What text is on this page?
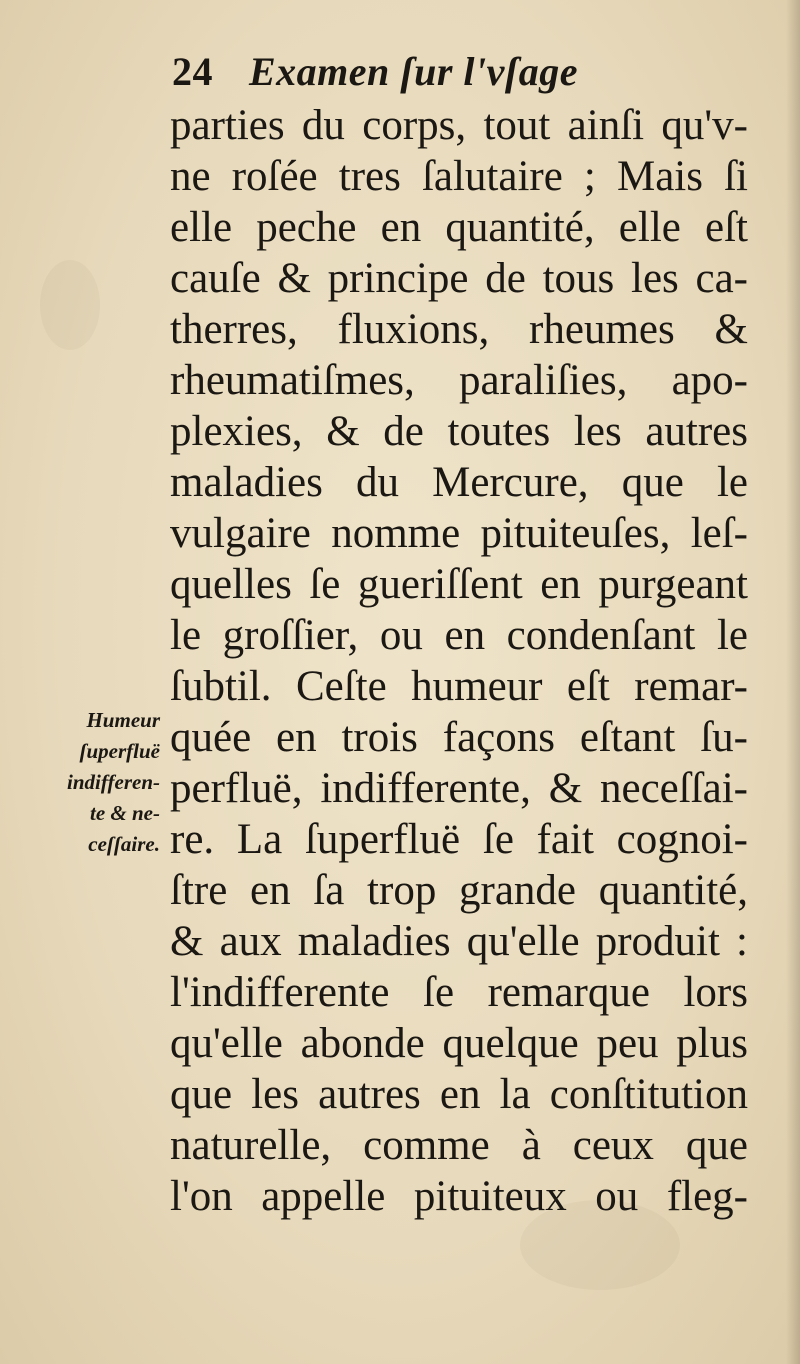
24 Examen ſur l'vſage
parties du corps, tout ainſi qu'v-
ne roſée tres ſalutaire ; Mais ſi
elle peche en quantité, elle eſt
cauſe & principe de tous les ca-
therres, fluxions, rheumes &
rheumatiſmes, paraliſies, apo-
plexies, & de toutes les autres
maladies du Mercure, que le
vulgaire nomme pituiteuſes, leſ-
quelles ſe gueriſſent en purgeant
le groſſier, ou en condenſant le
ſubtil. Ceſte humeur eſt remar-
quée en trois façons eſtant ſu-
perfluë, indifferente, & neceſſai-
re. La ſuperfluë ſe fait cognoi-
ſtre en ſa trop grande quantité,
& aux maladies qu'elle produit :
l'indifferente ſe remarque lors
qu'elle abonde quelque peu plus
que les autres en la conſtitution
naturelle, comme à ceux que
l'on appelle pituiteux ou fleg-
Humeur
ſuperfluë
indifferen-
te & ne-
ceſſaire.
